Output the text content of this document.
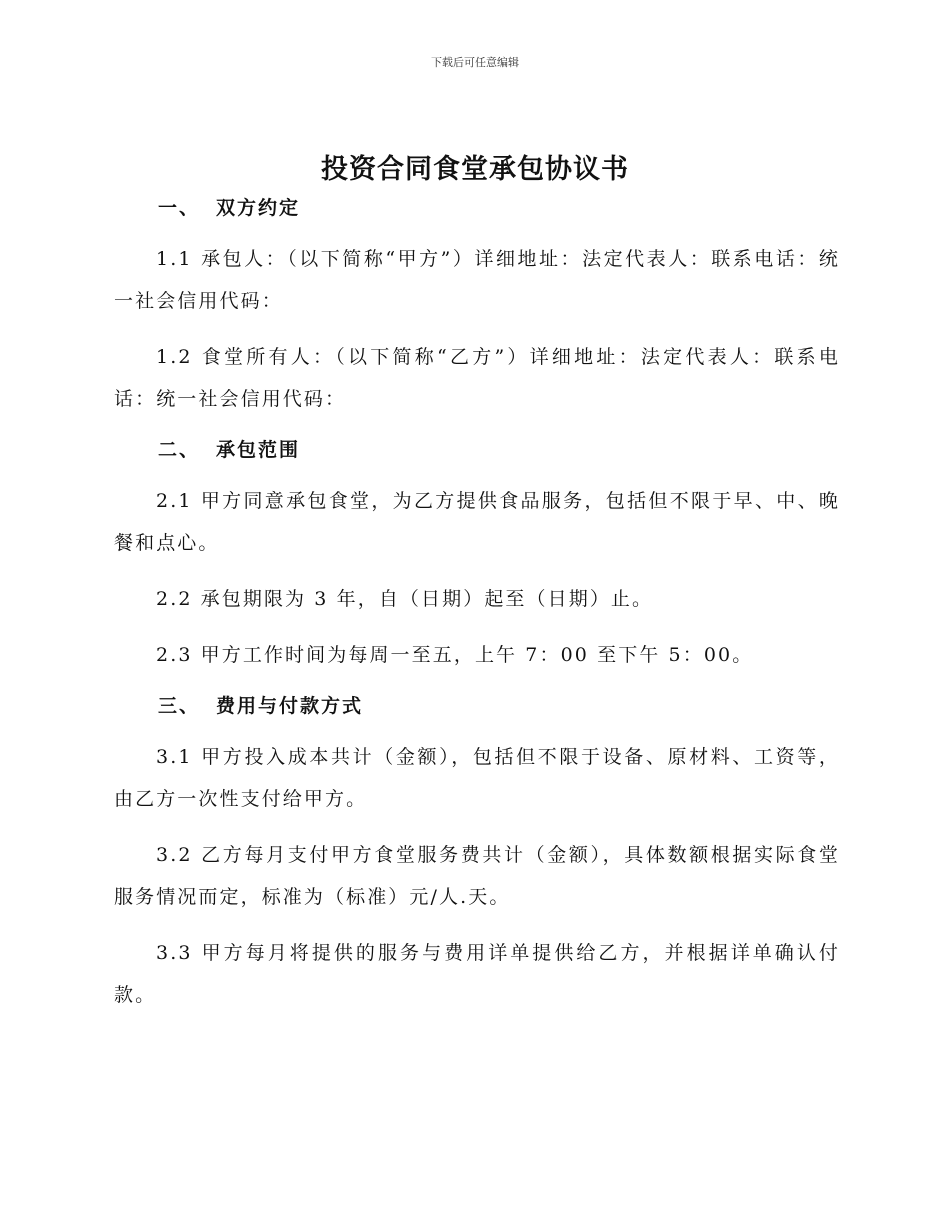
下载后可任意编辑
投资合同食堂承包协议书
一、 双方约定

1.1 承包人：（以下简称“甲方”）详细地址：法定代表人：联系电话：统一社会信用代码：

1.2 食堂所有人：（以下简称“乙方”）详细地址：法定代表人：联系电话：统一社会信用代码：

二、 承包范围

2.1 甲方同意承包食堂，为乙方提供食品服务，包括但不限于早、中、晚餐和点心。

2.2 承包期限为 3 年，自（日期）起至（日期）止。

2.3 甲方工作时间为每周一至五，上午 7：00 至下午 5：00。

三、 费用与付款方式

3.1 甲方投入成本共计（金额），包括但不限于设备、原材料、工资等，由乙方一次性支付给甲方。

3.2 乙方每月支付甲方食堂服务费共计（金额），具体数额根据实际食堂服务情况而定，标准为（标准）元/人.天。

3.3 甲方每月将提供的服务与费用详单提供给乙方，并根据详单确认付款。
